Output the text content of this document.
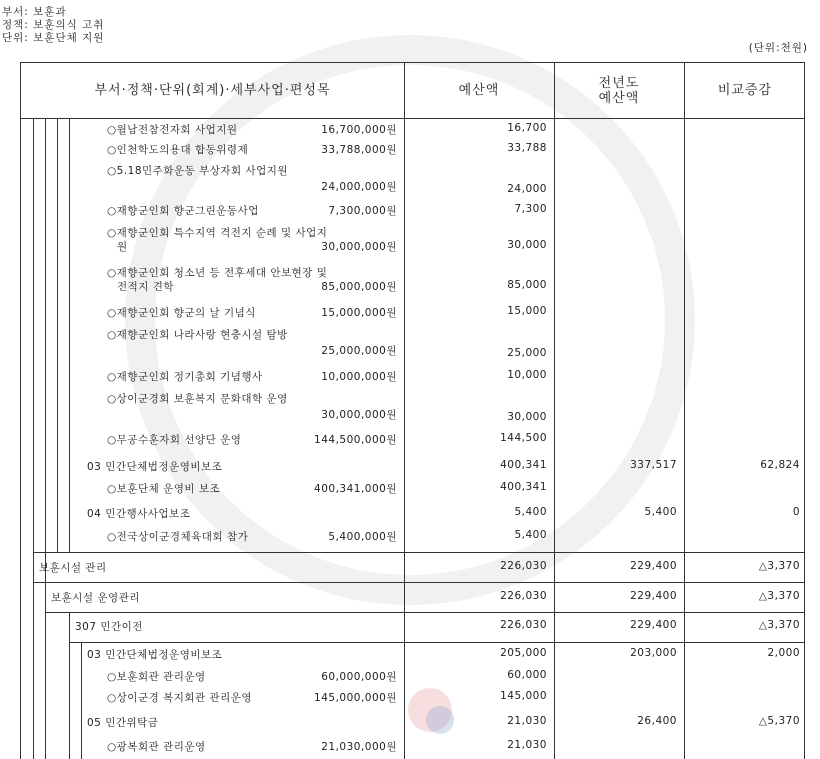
부서: 보훈과
정책: 보훈의식 고취
단위: 보훈단체 지원
(단위:천원)
부서·정책·단위(회계)·세부사업·편성목	예산액	전년도
예산액	비교증감
○월남전참전자회 사업지원	16,700,000원	16,700
○인천학도의용대 합동위령제	33,788,000원	33,788
○5.18민주화운동 부상자회 사업지원
24,000,000원	24,000
○재향군인회 향군그린운동사업	7,300,000원	7,300
○재향군인회 특수지역 격전지 순례 및 사업지
원	30,000,000원	30,000
○재향군인회 청소년 등 전후세대 안보현장 및
전적지 견학	85,000,000원	85,000
○재향군인회 향군의 날 기념식	15,000,000원	15,000
○재향군인회 나라사랑 현충시설 탐방
25,000,000원	25,000
○재향군인회 정기총회 기념행사	10,000,000원	10,000
○상이군경회 보훈복지 문화대학 운영
30,000,000원	30,000
○무공수훈자회 선양단 운영	144,500,000원	144,500
03 민간단체법정운영비보조	400,341	337,517	62,824
○보훈단체 운영비 보조	400,341,000원	400,341
04 민간행사사업보조	5,400	5,400	0
○전국상이군경체육대회 참가	5,400,000원	5,400
보훈시설 관리	226,030	229,400	△3,370
보훈시설 운영관리	226,030	229,400	△3,370
307 민간이전	226,030	229,400	△3,370
03 민간단체법정운영비보조	205,000	203,000	2,000
○보훈회관 관리운영	60,000,000원	60,000
○상이군경 복지회관 관리운영	145,000,000원	145,000
05 민간위탁금	21,030	26,400	△5,370
○광복회관 관리운영	21,030,000원	21,030
